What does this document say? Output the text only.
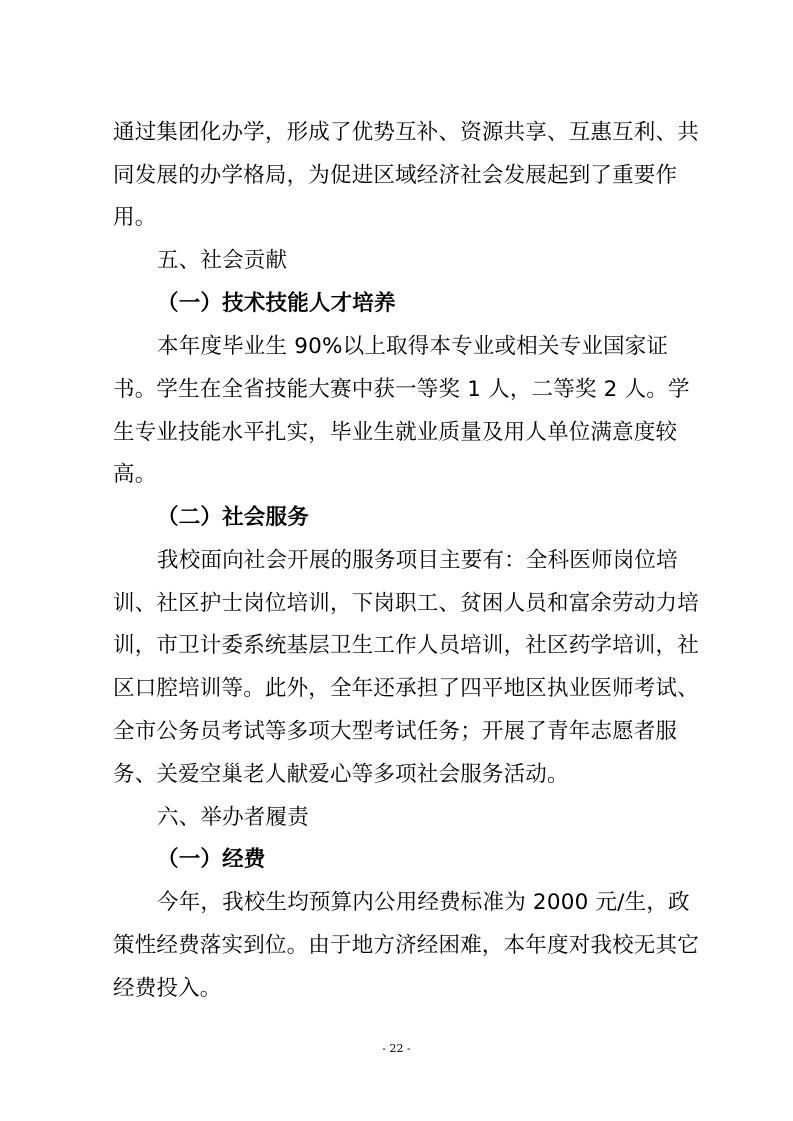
通过集团化办学，形成了优势互补、资源共享、互惠互利、共
同发展的办学格局，为促进区域经济社会发展起到了重要作
用。
五、社会贡献
（一）技术技能人才培养
本年度毕业生 90%以上取得本专业或相关专业国家证
书。学生在全省技能大赛中获一等奖 1 人，二等奖 2 人。学
生专业技能水平扎实，毕业生就业质量及用人单位满意度较
高。
（二）社会服务
我校面向社会开展的服务项目主要有：全科医师岗位培
训、社区护士岗位培训，下岗职工、贫困人员和富余劳动力培
训，市卫计委系统基层卫生工作人员培训，社区药学培训，社
区口腔培训等。此外，全年还承担了四平地区执业医师考试、
全市公务员考试等多项大型考试任务；开展了青年志愿者服
务、关爱空巢老人献爱心等多项社会服务活动。
六、举办者履责
（一）经费
今年，我校生均预算内公用经费标准为 2000 元/生，政
策性经费落实到位。由于地方济经困难，本年度对我校无其它
经费投入。
- 22 -
